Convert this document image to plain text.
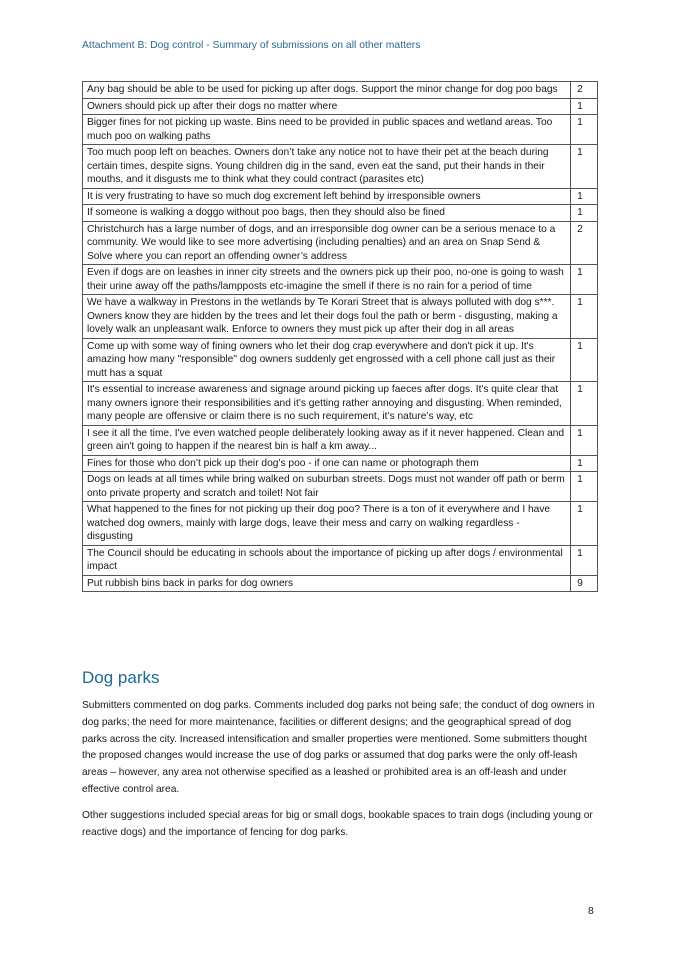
Attachment B: Dog control - Summary of submissions on all other matters
Any bag should be able to be used for picking up after dogs. Support the minor change for dog poo bags	2
Owners should pick up after their dogs no matter where	1
Bigger fines for not picking up waste. Bins need to be provided in public spaces and wetland areas. Too much poo on walking paths	1
Too much poop left on beaches. Owners don’t take any notice not to have their pet at the beach during certain times, despite signs. Young children dig in the sand, even eat the sand, put their hands in their mouths, and it disgusts me to think what they could contract (parasites etc)	1
It is very frustrating to have so much dog excrement left behind by irresponsible owners	1
If someone is walking a doggo without poo bags, then they should also be fined	1
Christchurch has a large number of dogs, and an irresponsible dog owner can be a serious menace to a community. We would like to see more advertising (including penalties) and an area on Snap Send & Solve where you can report an offending owner’s address	2
Even if dogs are on leashes in inner city streets and the owners pick up their poo, no-one is going to wash their urine away off the paths/lampposts etc-imagine the smell if there is no rain for a period of time	1
We have a walkway in Prestons in the wetlands by Te Korari Street that is always polluted with dog s***. Owners know they are hidden by the trees and let their dogs foul the path or berm - disgusting, making a lovely walk an unpleasant walk. Enforce to owners they must pick up after their dog in all areas	1
Come up with some way of fining owners who let their dog crap everywhere and don't pick it up. It's amazing how many "responsible" dog owners suddenly get engrossed with a cell phone call just as their mutt has a squat	1
It's essential to increase awareness and signage around picking up faeces after dogs. It's quite clear that many owners ignore their responsibilities and it’s getting rather annoying and disgusting. When reminded, many people are offensive or claim there is no such requirement, it’s nature’s way, etc	1
I see it all the time. I've even watched people deliberately looking away as if it never happened. Clean and green ain't going to happen if the nearest bin is half a km away...	1
Fines for those who don’t pick up their dog’s poo - if one can name or photograph them	1
Dogs on leads at all times while bring walked on suburban streets. Dogs must not wander off path or berm onto private property and scratch and toilet! Not fair	1
What happened to the fines for not picking up their dog poo? There is a ton of it everywhere and I have watched dog owners, mainly with large dogs, leave their mess and carry on walking regardless - disgusting	1
The Council should be educating in schools about the importance of picking up after dogs / environmental impact	1
Put rubbish bins back in parks for dog owners	9
Dog parks

Submitters commented on dog parks. Comments included dog parks not being safe; the conduct of dog owners in dog parks; the need for more maintenance, facilities or different designs; and the geographical spread of dog parks across the city. Increased intensification and smaller properties were mentioned. Some submitters thought the proposed changes would increase the use of dog parks or assumed that dog parks were the only off-leash areas – however, any area not otherwise specified as a leashed or prohibited area is an off-leash and under effective control area.

Other suggestions included special areas for big or small dogs, bookable spaces to train dogs (including young or reactive dogs) and the importance of fencing for dog parks.

8
